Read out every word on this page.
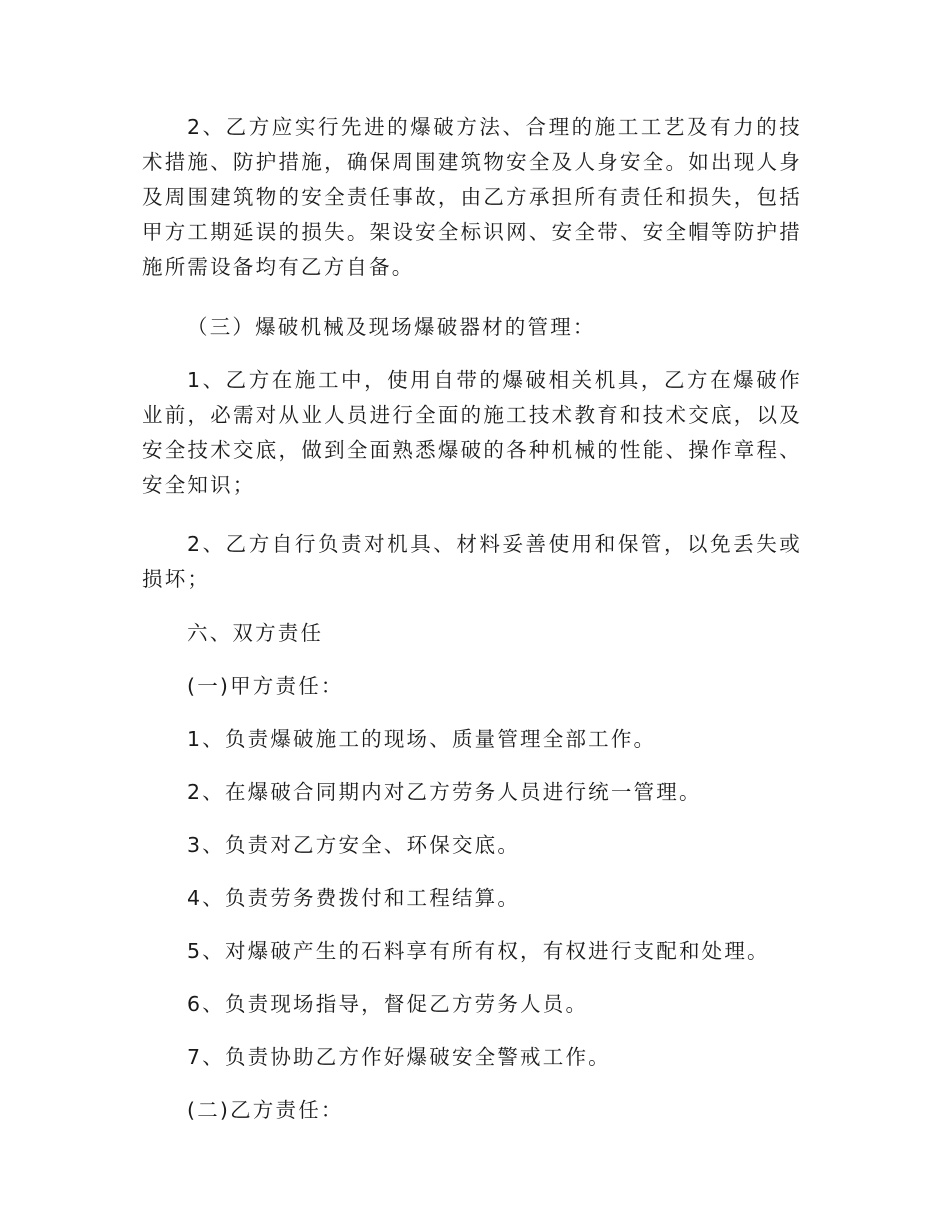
2、乙方应实行先进的爆破方法、合理的施工工艺及有力的技术措施、防护措施，确保周围建筑物安全及人身安全。如出现人身及周围建筑物的安全责任事故，由乙方承担所有责任和损失，包括甲方工期延误的损失。架设安全标识网、安全带、安全帽等防护措施所需设备均有乙方自备。

（三）爆破机械及现场爆破器材的管理：

1、乙方在施工中，使用自带的爆破相关机具，乙方在爆破作业前，必需对从业人员进行全面的施工技术教育和技术交底，以及安全技术交底，做到全面熟悉爆破的各种机械的性能、操作章程、安全知识；

2、乙方自行负责对机具、材料妥善使用和保管，以免丢失或损坏；

六、双方责任

(一)甲方责任：

1、负责爆破施工的现场、质量管理全部工作。

2、在爆破合同期内对乙方劳务人员进行统一管理。

3、负责对乙方安全、环保交底。

4、负责劳务费拨付和工程结算。

5、对爆破产生的石料享有所有权，有权进行支配和处理。

6、负责现场指导，督促乙方劳务人员。

7、负责协助乙方作好爆破安全警戒工作。

(二)乙方责任：
